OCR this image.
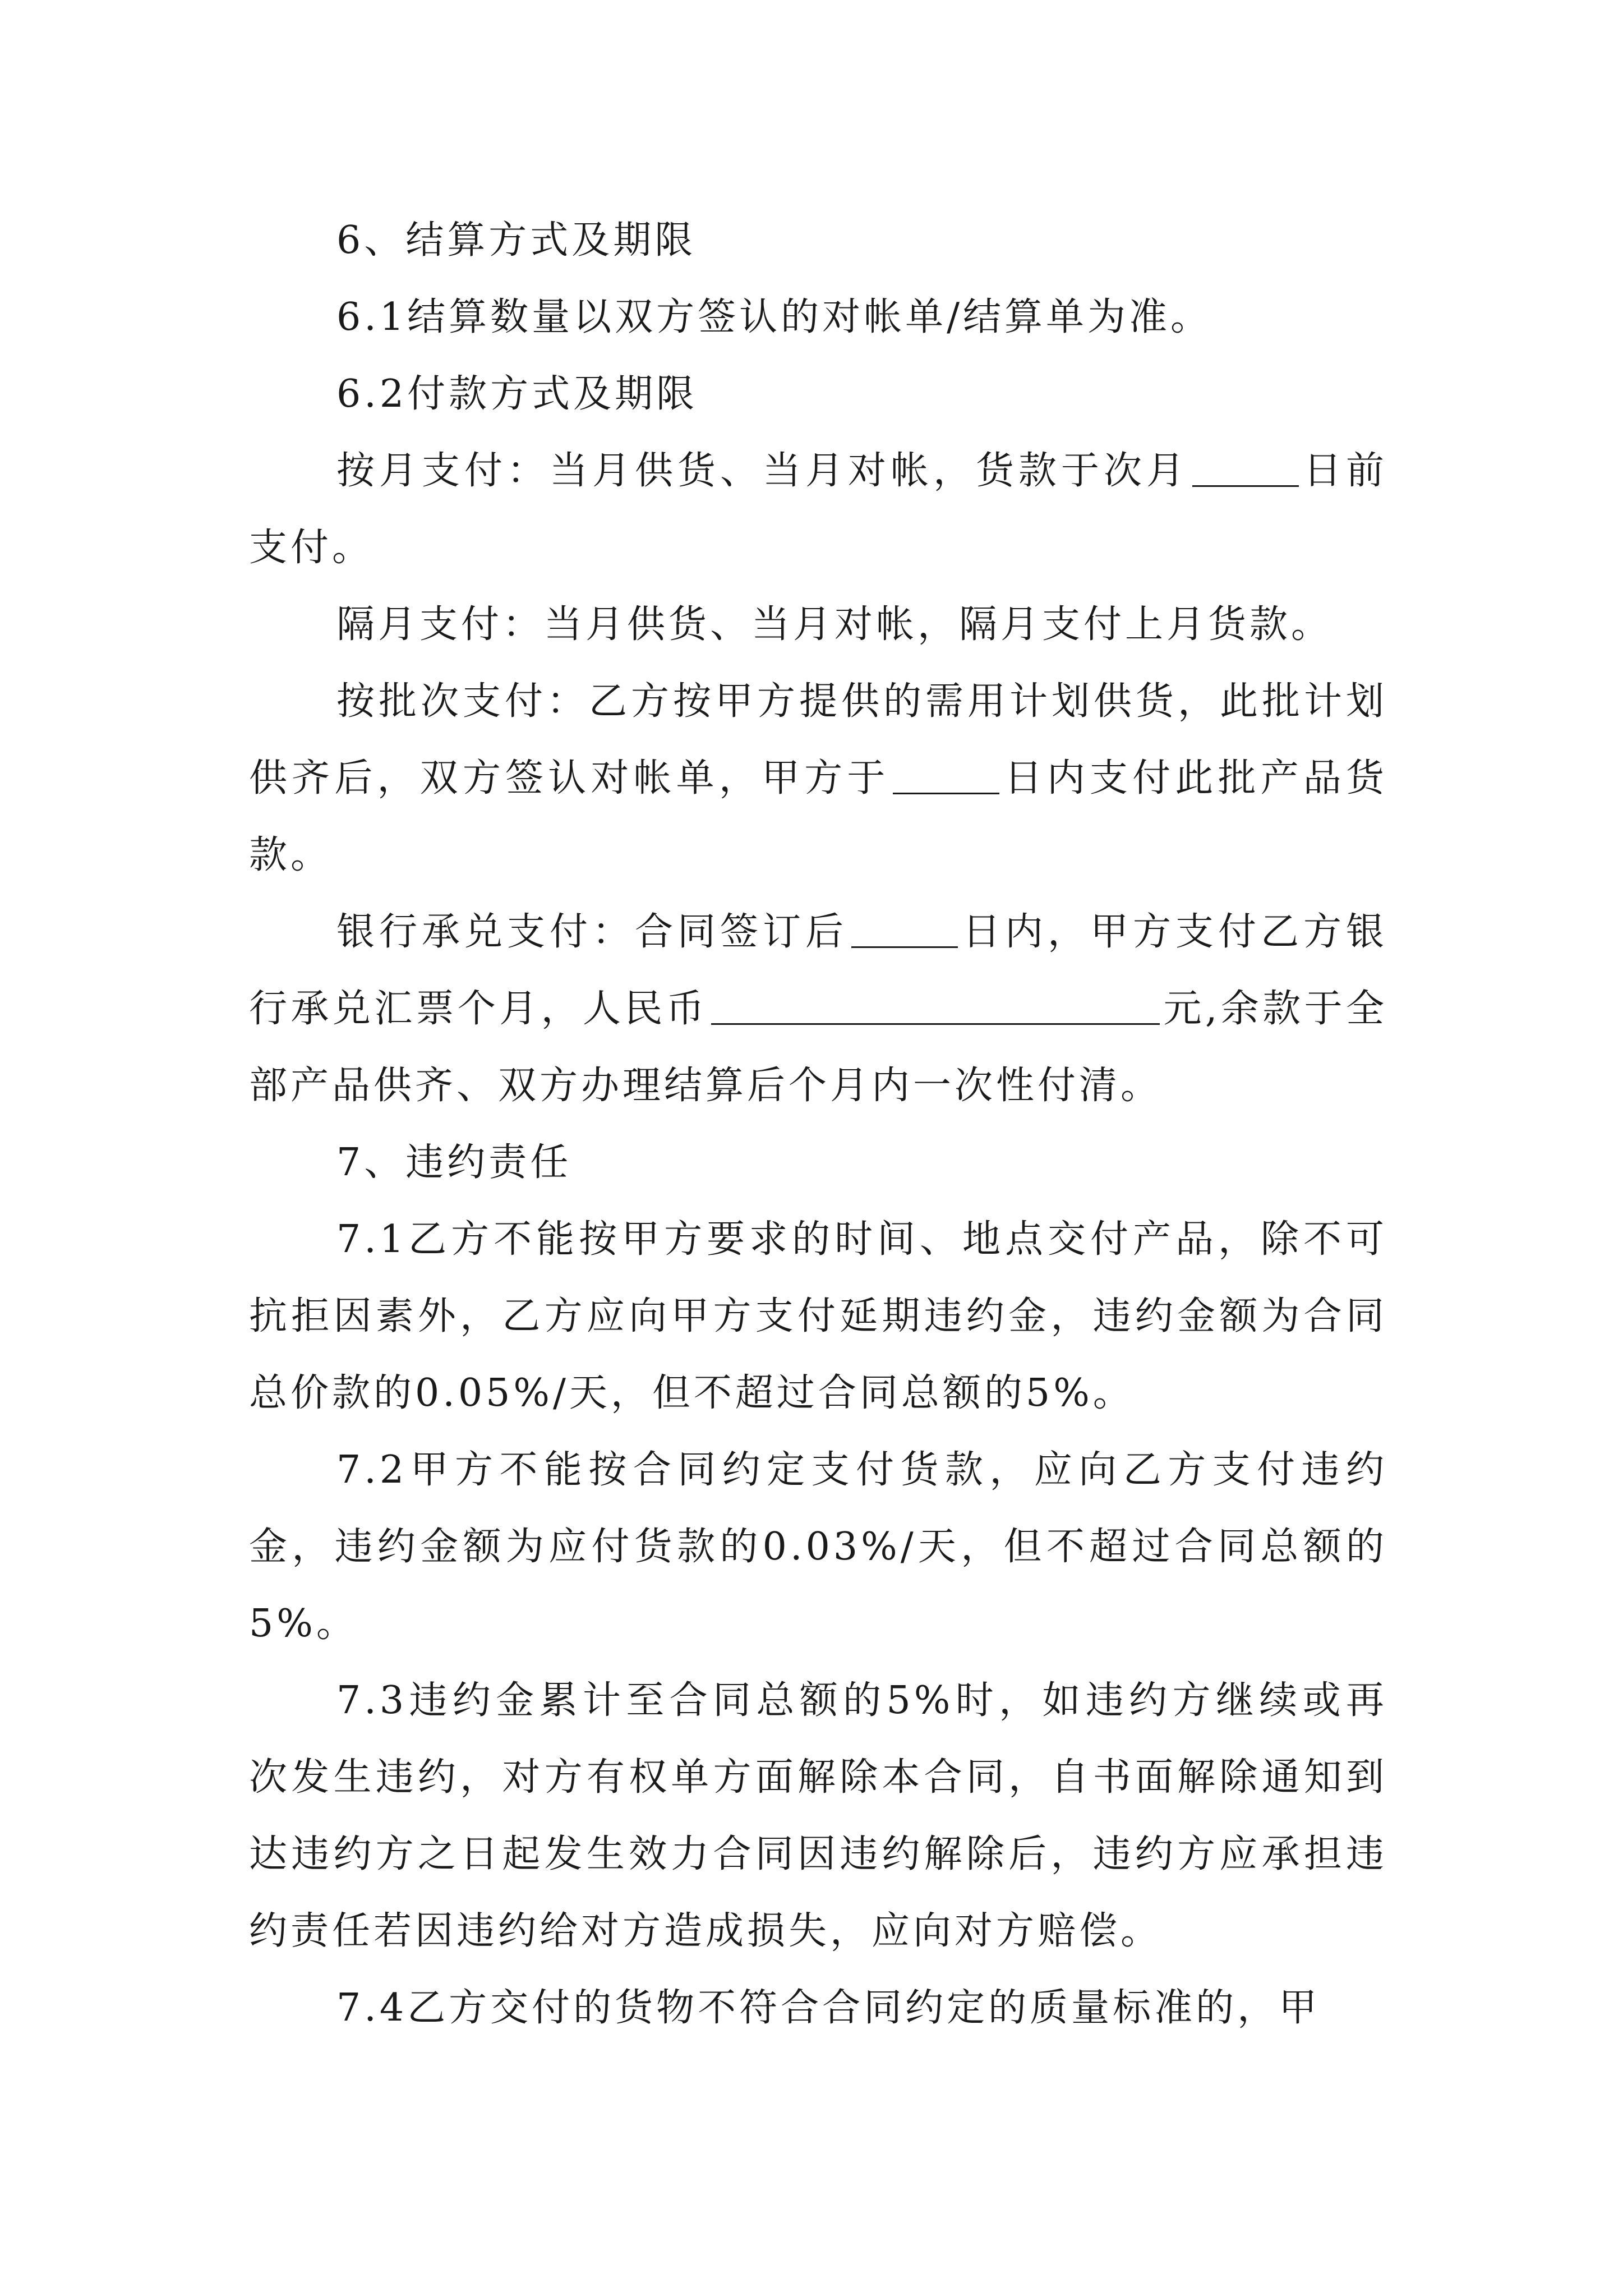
6、结算方式及期限

6.1结算数量以双方签认的对帐单/结算单为准。

6.2付款方式及期限

按月支付：当月供货、当月对帐，货款于次月	日前支付。

隔月支付：当月供货、当月对帐，隔月支付上月货款。

按批次支付：乙方按甲方提供的需用计划供货，此批计划供齐后，双方签认对帐单，甲方于	日内支付此批产品货款。

银行承兑支付：合同签订后	日内，甲方支付乙方银行承兑汇票个月，人民币	元,余款于全部产品供齐、双方办理结算后个月内一次性付清。

7、违约责任

7.1乙方不能按甲方要求的时间、地点交付产品，除不可抗拒因素外，乙方应向甲方支付延期违约金，违约金额为合同总价款的0.05%/天，但不超过合同总额的5%。

7.2甲方不能按合同约定支付货款，应向乙方支付违约金，违约金额为应付货款的0.03%/天，但不超过合同总额的5%。

7.3违约金累计至合同总额的5%时，如违约方继续或再次发生违约，对方有权单方面解除本合同，自书面解除通知到达违约方之日起发生效力合同因违约解除后，违约方应承担违约责任若因违约给对方造成损失，应向对方赔偿。

7.4乙方交付的货物不符合合同约定的质量标准的，甲
